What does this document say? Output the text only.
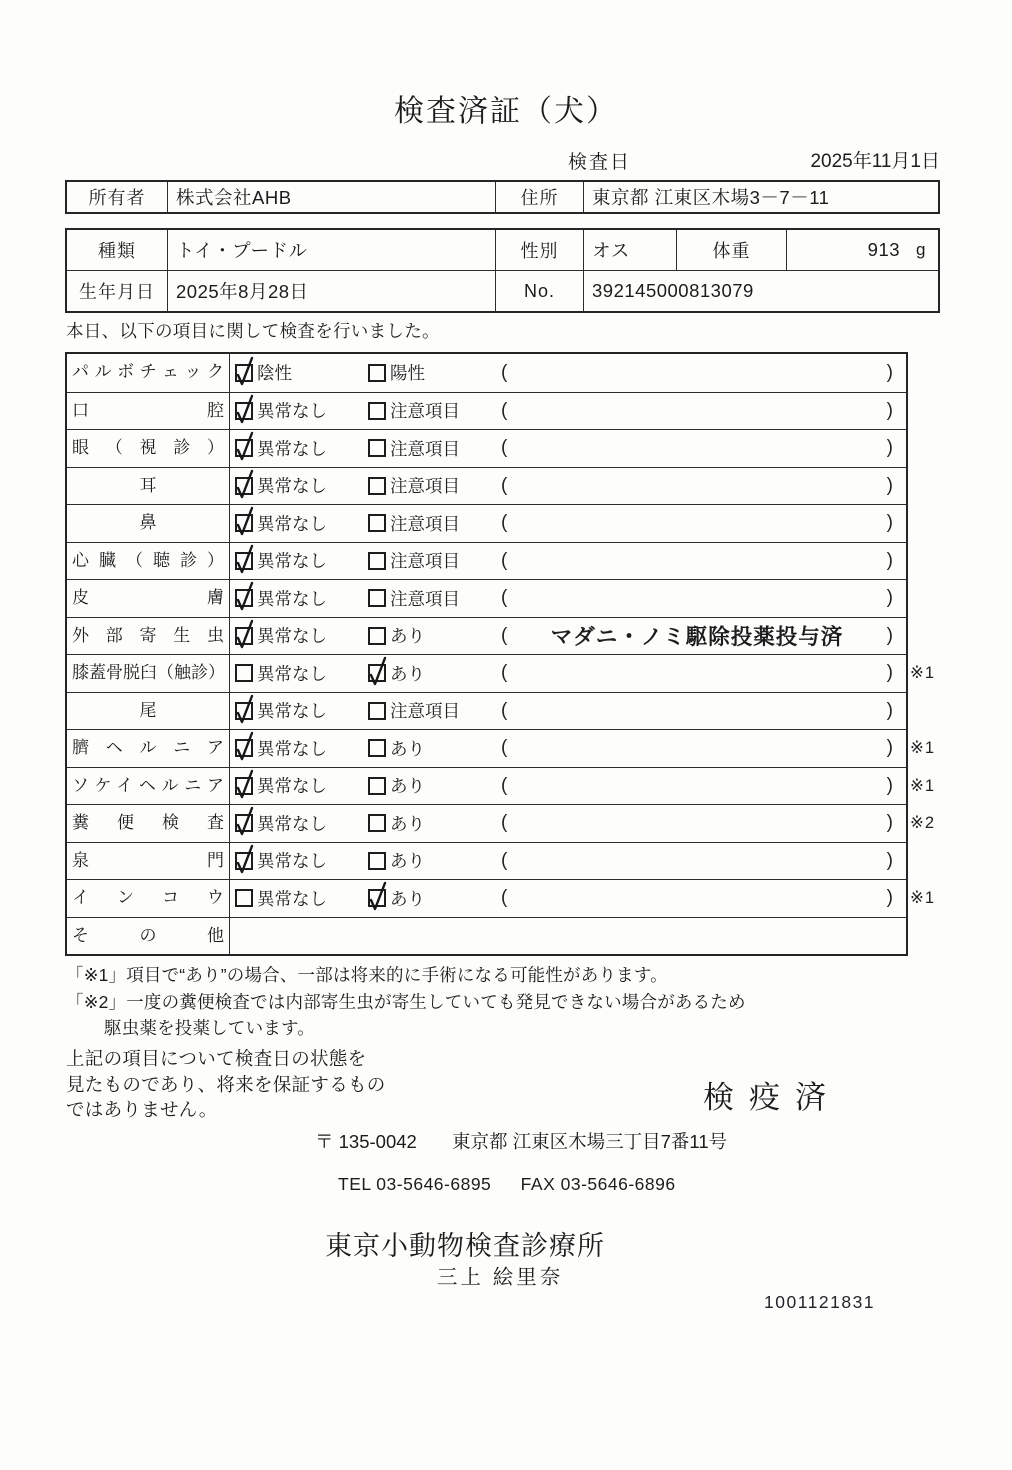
検査済証（犬）
検査日	2025年11月1日
所有者	株式会社AHB	住所	東京都 江東区木場3－7－11
種類	トイ・プードル	性別	オス	体重	913 g
生年月日	2025年8月28日	No.	392145000813079
本日、以下の項目に関して検査を行いました。
パルボチェック	陰性	陽性	(	)
口腔	異常なし	注意項目 (	)
眼（視診）	異常なし	注意項目 (	)
耳	異常なし	注意項目 (	)
鼻	異常なし	注意項目 (	)
心臓（聴診）	異常なし	注意項目 (	)
皮膚	異常なし	注意項目 (	)
外部寄生虫	異常なし	あり	(	マダニ・ノミ駆除投薬投与済	)
膝蓋骨脱臼（触診） 異常なし	あり	(	) ※1
尾	異常なし	注意項目 (	)
臍ヘルニア	異常なし	あり	(	) ※1
ソケイヘルニア	異常なし	あり	(	) ※1
糞便検査	異常なし	あり	(	) ※2
泉門	異常なし	あり	(	)
インコウ	異常なし	あり	(	) ※1
その他
「※1」項目で“あり”の場合、一部は将来的に手術になる可能性があります。
「※2」一度の糞便検査では内部寄生虫が寄生していても発見できない場合があるため
駆虫薬を投薬しています。
上記の項目について検査日の状態を
見たものであり、将来を保証するもの
ではありません。	検疫済
〒 135-0042 東京都 江東区木場三丁目7番11号
TEL 03-5646-6895 FAX 03-5646-6896
東京小動物検査診療所
三上 絵里奈
1001121831
